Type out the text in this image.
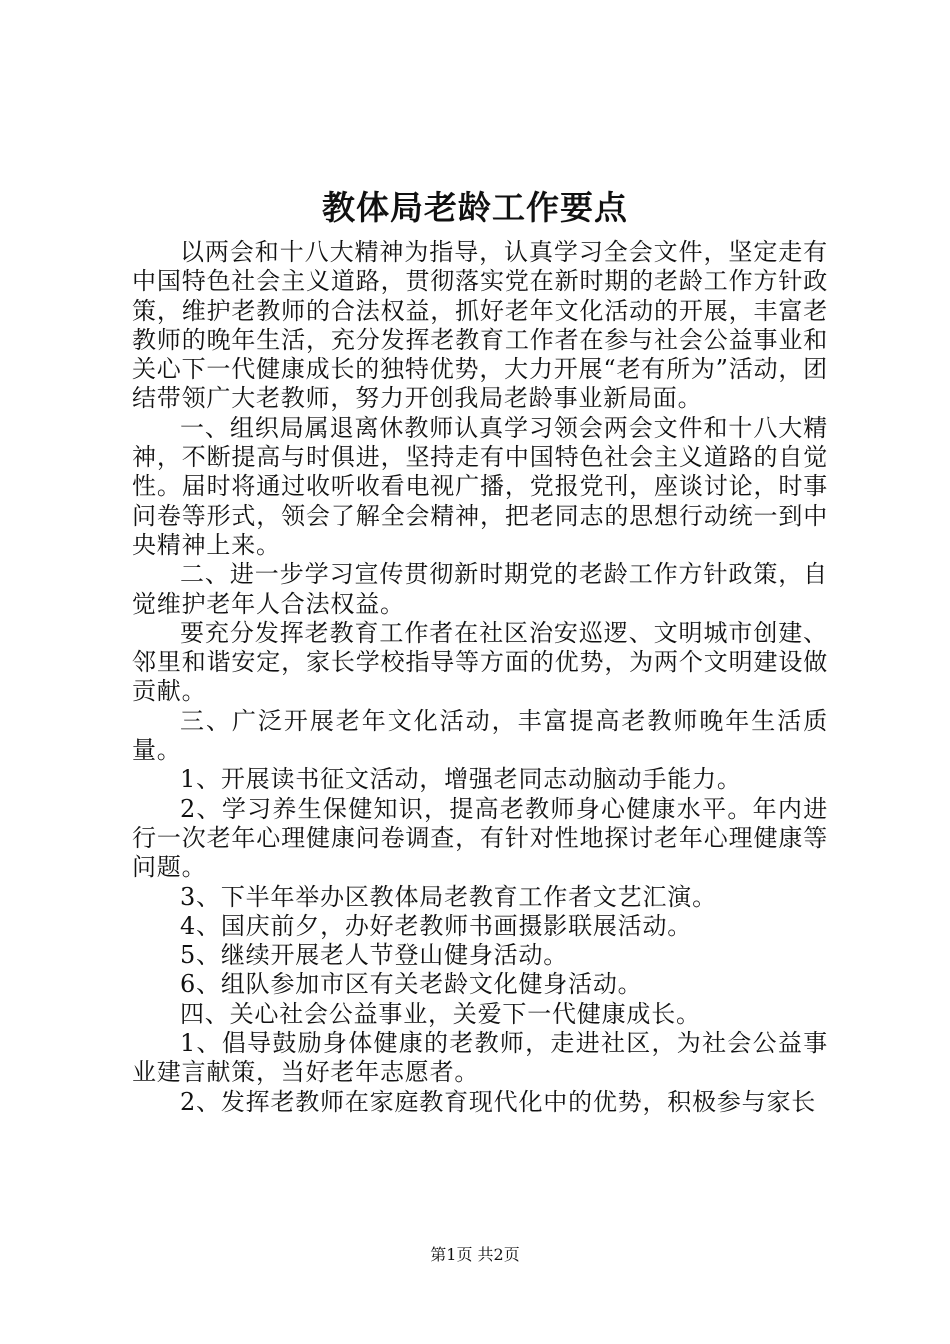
教体局老龄工作要点

以两会和十八大精神为指导，认真学习全会文件，坚定走有中国特色社会主义道路，贯彻落实党在新时期的老龄工作方针政策，维护老教师的合法权益，抓好老年文化活动的开展，丰富老教师的晚年生活，充分发挥老教育工作者在参与社会公益事业和关心下一代健康成长的独特优势，大力开展“老有所为”活动，团结带领广大老教师，努力开创我局老龄事业新局面。

一、组织局属退离休教师认真学习领会两会文件和十八大精神，不断提高与时俱进，坚持走有中国特色社会主义道路的自觉性。届时将通过收听收看电视广播，党报党刊，座谈讨论，时事问卷等形式，领会了解全会精神，把老同志的思想行动统一到中央精神上来。

二、进一步学习宣传贯彻新时期党的老龄工作方针政策，自觉维护老年人合法权益。

要充分发挥老教育工作者在社区治安巡逻、文明城市创建、邻里和谐安定，家长学校指导等方面的优势，为两个文明建设做贡献。

三、广泛开展老年文化活动，丰富提高老教师晚年生活质量。

1、开展读书征文活动，增强老同志动脑动手能力。

2、学习养生保健知识，提高老教师身心健康水平。年内进行一次老年心理健康问卷调查，有针对性地探讨老年心理健康等问题。

3、下半年举办区教体局老教育工作者文艺汇演。

4、国庆前夕，办好老教师书画摄影联展活动。

5、继续开展老人节登山健身活动。

6、组队参加市区有关老龄文化健身活动。

四、关心社会公益事业，关爱下一代健康成长。

1、倡导鼓励身体健康的老教师，走进社区，为社会公益事业建言献策，当好老年志愿者。

2、发挥老教师在家庭教育现代化中的优势，积极参与家长

第1页 共2页
